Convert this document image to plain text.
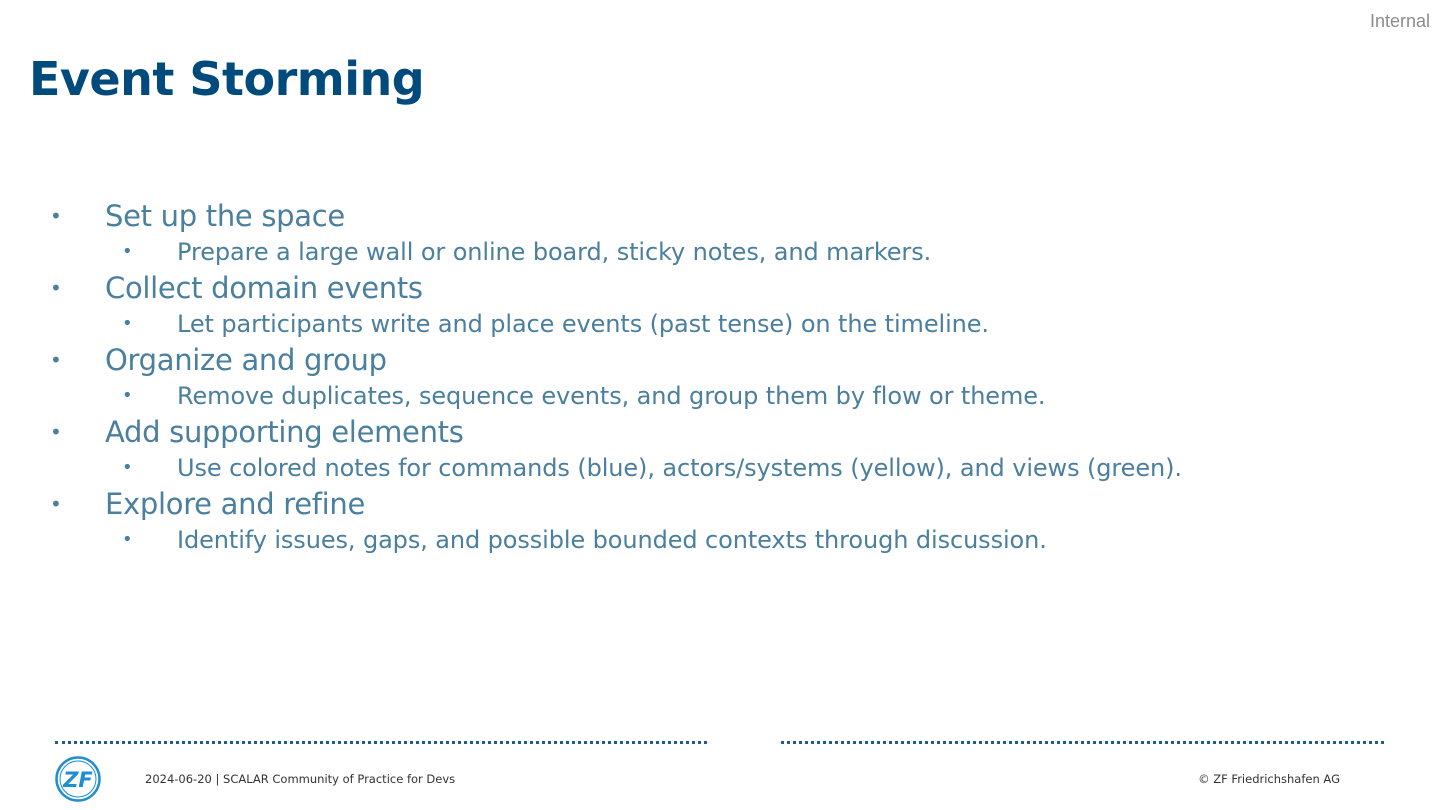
Internal
Event Storming
• Set up the space
• Prepare a large wall or online board, sticky notes, and markers.
• Collect domain events
• Let participants write and place events (past tense) on the timeline.
• Organize and group
• Remove duplicates, sequence events, and group them by flow or theme.
• Add supporting elements
• Use colored notes for commands (blue), actors/systems (yellow), and views (green).
• Explore and refine
• Identify issues, gaps, and possible bounded contexts through discussion.
ZF	2024-06-20 | SCALAR Community of Practice for Devs	© ZF Friedrichshafen AG
